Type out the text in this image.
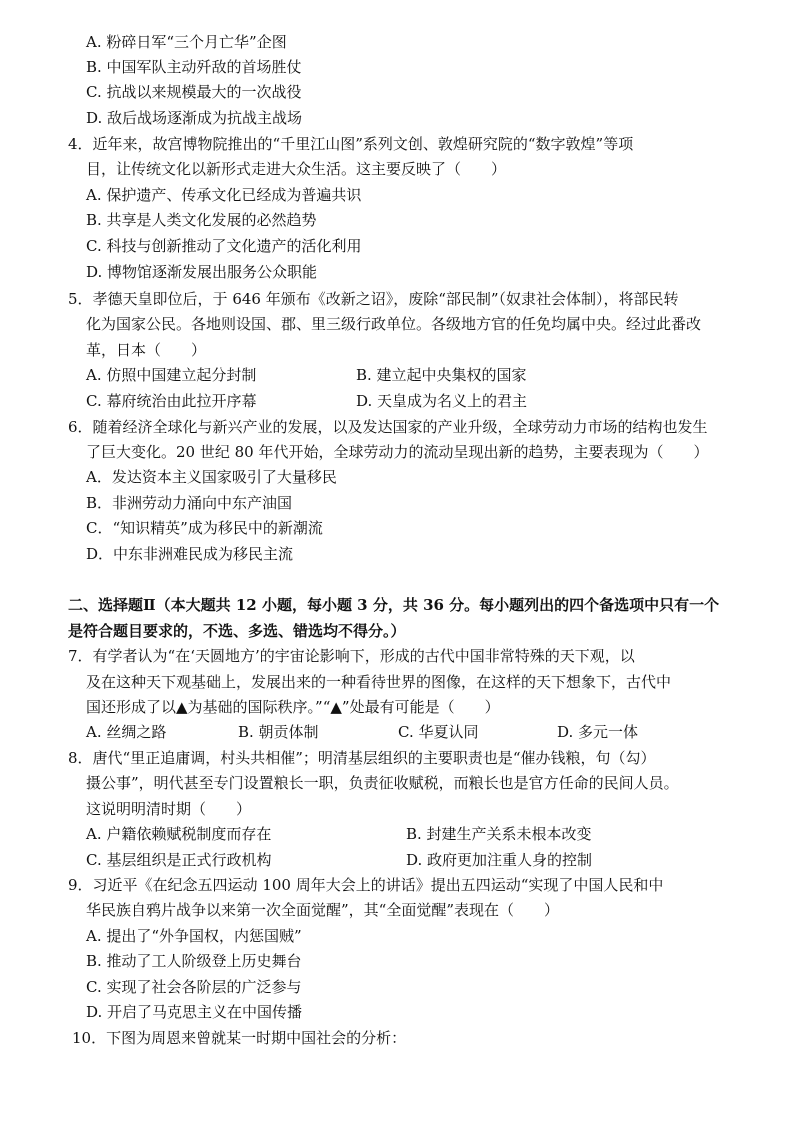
A. 粉碎日军“三个月亡华”企图
B. 中国军队主动歼敌的首场胜仗
C. 抗战以来规模最大的一次战役
D. 敌后战场逐渐成为抗战主战场
4．近年来，故宫博物院推出的“千里江山图”系列文创、敦煌研究院的“数字敦煌”等项
目，让传统文化以新形式走进大众生活。这主要反映了（　　）
A. 保护遗产、传承文化已经成为普遍共识
B. 共享是人类文化发展的必然趋势
C. 科技与创新推动了文化遗产的活化利用
D. 博物馆逐渐发展出服务公众职能
5．孝德天皇即位后，于 646 年颁布《改新之诏》，废除“部民制”（奴隶社会体制），将部民转
化为国家公民。各地则设国、郡、里三级行政单位。各级地方官的任免均属中央。经过此番改
革，日本（　　）
A. 仿照中国建立起分封制	B. 建立起中央集权的国家
C. 幕府统治由此拉开序幕	D. 天皇成为名义上的君主
6．随着经济全球化与新兴产业的发展，以及发达国家的产业升级，全球劳动力市场的结构也发生
了巨大变化。20 世纪 80 年代开始，全球劳动力的流动呈现出新的趋势，主要表现为（　　）
A．发达资本主义国家吸引了大量移民
B．非洲劳动力涌向中东产油国
C．“知识精英”成为移民中的新潮流
D．中东非洲难民成为移民主流
二、选择题Ⅱ（本大题共 12 小题，每小题 3 分，共 36 分。每小题列出的四个备选项中只有一个
是符合题目要求的，不选、多选、错选均不得分。）
7．有学者认为“在‘天圆地方’的宇宙论影响下，形成的古代中国非常特殊的天下观，以
及在这种天下观基础上，发展出来的一种看待世界的图像，在这样的天下想象下，古代中
国还形成了以▲为基础的国际秩序。”“▲”处最有可能是（　　）
A. 丝绸之路	B. 朝贡体制	C. 华夏认同	D. 多元一体
8．唐代“里正追庸调，村头共相催”；明清基层组织的主要职责也是“催办钱粮，句（勾）
摄公事”，明代甚至专门设置粮长一职，负责征收赋税，而粮长也是官方任命的民间人员。
这说明明清时期（　　）
A. 户籍依赖赋税制度而存在	B. 封建生产关系未根本改变
C. 基层组织是正式行政机构	D. 政府更加注重人身的控制
9．习近平《在纪念五四运动 100 周年大会上的讲话》提出五四运动“实现了中国人民和中
华民族自鸦片战争以来第一次全面觉醒”，其“全面觉醒”表现在（　　）
A. 提出了“外争国权，内惩国贼”
B. 推动了工人阶级登上历史舞台
C. 实现了社会各阶层的广泛参与
D. 开启了马克思主义在中国传播
10．下图为周恩来曾就某一时期中国社会的分析：
